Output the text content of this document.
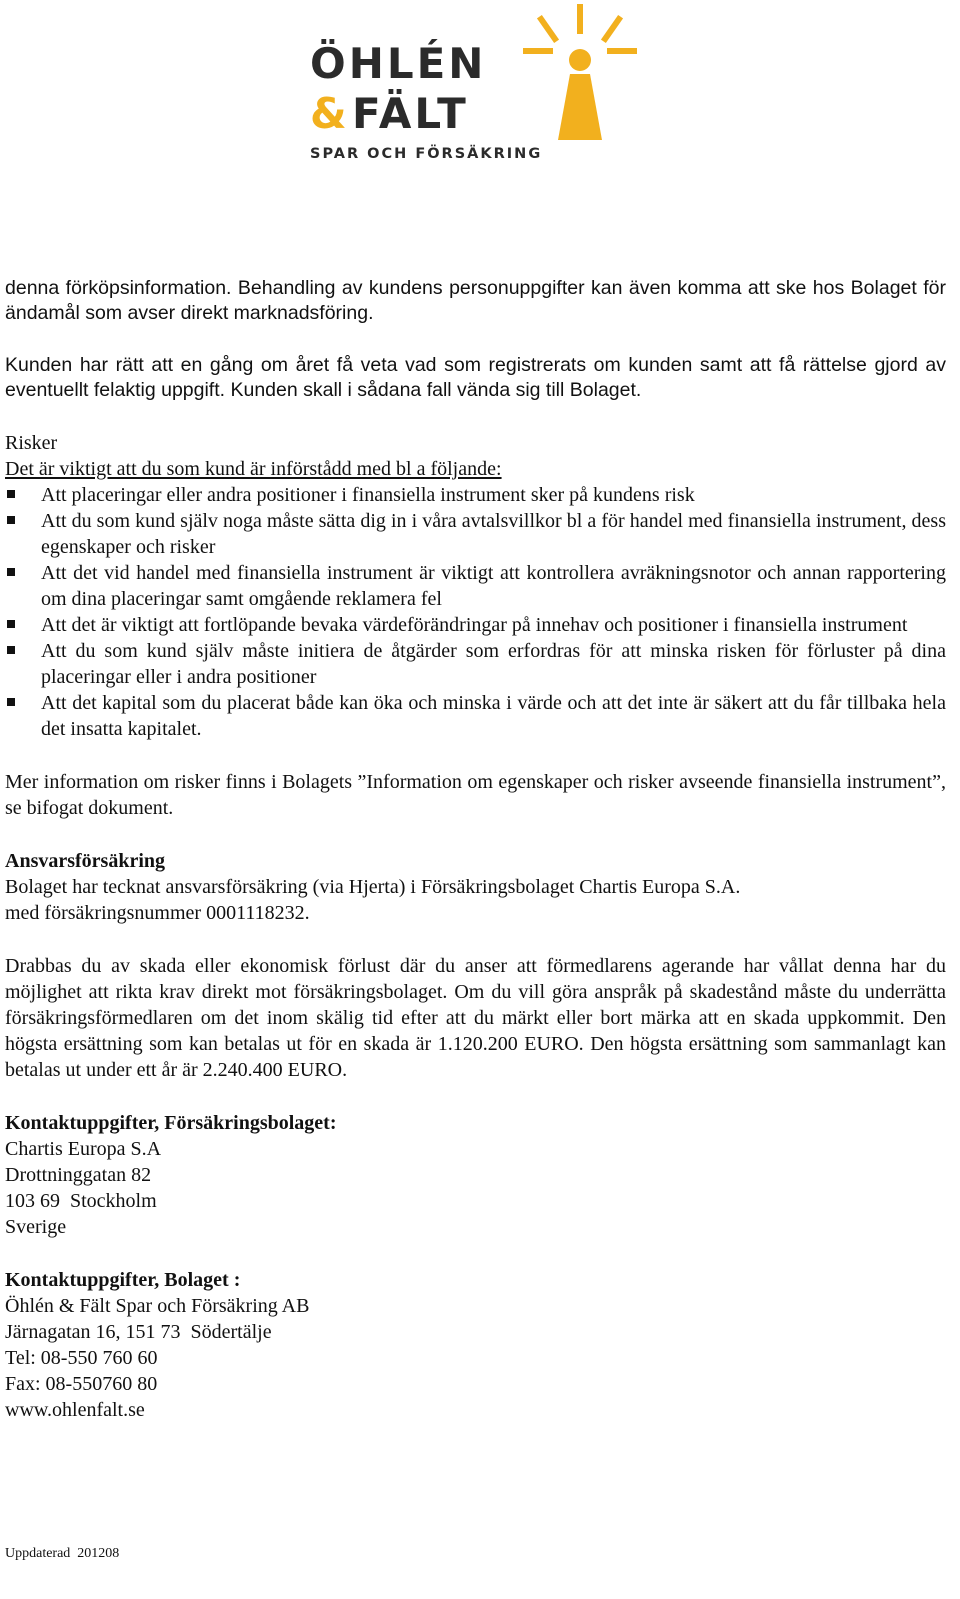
ÖHLÉN
& FÄLT
SPAR OCH FÖRSÄKRING

denna förköpsinformation. Behandling av kundens personuppgifter kan även komma att ske hos Bolaget för ändamål som avser direkt marknadsföring.

Kunden har rätt att en gång om året få veta vad som registrerats om kunden samt att få rättelse gjord av eventuellt felaktig uppgift. Kunden skall i sådana fall vända sig till Bolaget.

Risker

Det är viktigt att du som kund är införstådd med bl a följande:

Att placeringar eller andra positioner i finansiella instrument sker på kundens risk
Att du som kund själv noga måste sätta dig in i våra avtalsvillkor bl a för handel med finansiella instrument, dess egenskaper och risker
Att det vid handel med finansiella instrument är viktigt att kontrollera avräkningsnotor och annan rapportering om dina placeringar samt omgående reklamera fel
Att det är viktigt att fortlöpande bevaka värdeförändringar på innehav och positioner i finansiella instrument
Att du som kund själv måste initiera de åtgärder som erfordras för att minska risken för förluster på dina placeringar eller i andra positioner
Att det kapital som du placerat både kan öka och minska i värde och att det inte är säkert att du får tillbaka hela det insatta kapitalet.

Mer information om risker finns i Bolagets ”Information om egenskaper och risker avseende finansiella instrument”, se bifogat dokument.

Ansvarsförsäkring

Bolaget har tecknat ansvarsförsäkring (via Hjerta) i Försäkringsbolaget Chartis Europa S.A.

med försäkringsnummer 0001118232.

Drabbas du av skada eller ekonomisk förlust där du anser att förmedlarens agerande har vållat denna har du möjlighet att rikta krav direkt mot försäkringsbolaget. Om du vill göra anspråk på skadestånd måste du underrätta försäkringsförmedlaren om det inom skälig tid efter att du märkt eller bort märka att en skada uppkommit. Den högsta ersättning som kan betalas ut för en skada är 1.120.200 EURO. Den högsta ersättning som sammanlagt kan betalas ut under ett år är 2.240.400 EURO.

Kontaktuppgifter, Försäkringsbolaget:

Chartis Europa S.A

Drottninggatan 82

103 69  Stockholm

Sverige

Kontaktuppgifter, Bolaget :

Öhlén & Fält Spar och Försäkring AB

Järnagatan 16, 151 73  Södertälje

Tel: 08-550 760 60

Fax: 08-550760 80

www.ohlenfalt.se

Uppdaterad  201208
